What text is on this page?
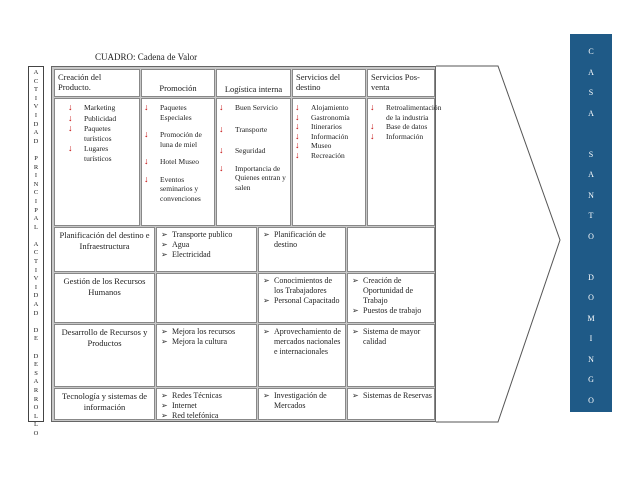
CUADRO: Cadena de Valor
A
C
T
I
V
I
D
A
D

P
R
I
N
C
I
P
A
L

A
C
T
I
V
I
D
A
D

D
E

D
E
S
A
R
R
O
L
L
O
C
A
S
A

S
A
N
T
O

D
O
M
I
N
G
O
Creación del Producto.	Promoción	Logística interna
Servicios del destino
Servicios Pos-venta
↓ Marketing
↓ Publicidad
↓ Paquetes turísticos
↓ Lugares turísticos
↓ Paquetes Especiales
↓ Promoción de luna de miel
↓ Hotel Museo
↓ Eventos seminarios y convenciones
↓ Buen Servicio
↓ Transporte
↓ Seguridad
↓ Importancia de Quienes entran y salen
↓ Alojamiento
↓ Gastronomía
↓ Itinerarios
↓ Información
↓ Museo
↓ Recreación
↓ Retroalimentación de la industria
↓ Base de datos
↓ Información
Planificación del destino e Infraestructura
➢ Transporte publico
➢ Agua
➢ Electricidad
➢ Planificación de destino
Gestión de los Recursos Humanos
➢ Conocimientos de los Trabajadores
➢ Personal Capacitado
➢ Creación de Oportunidad de Trabajo
➢ Puestos de trabajo
Desarrollo de Recursos y Productos
➢ Mejora los recursos
➢ Mejora la cultura
➢ Aprovechamiento de mercados nacionales e internacionales
➢ Sistema de mayor calidad
Tecnología y sistemas de información
➢ Redes Técnicas
➢ Internet
➢ Red telefónica
➢ Investigación de Mercados
➢ Sistemas de Reservas
